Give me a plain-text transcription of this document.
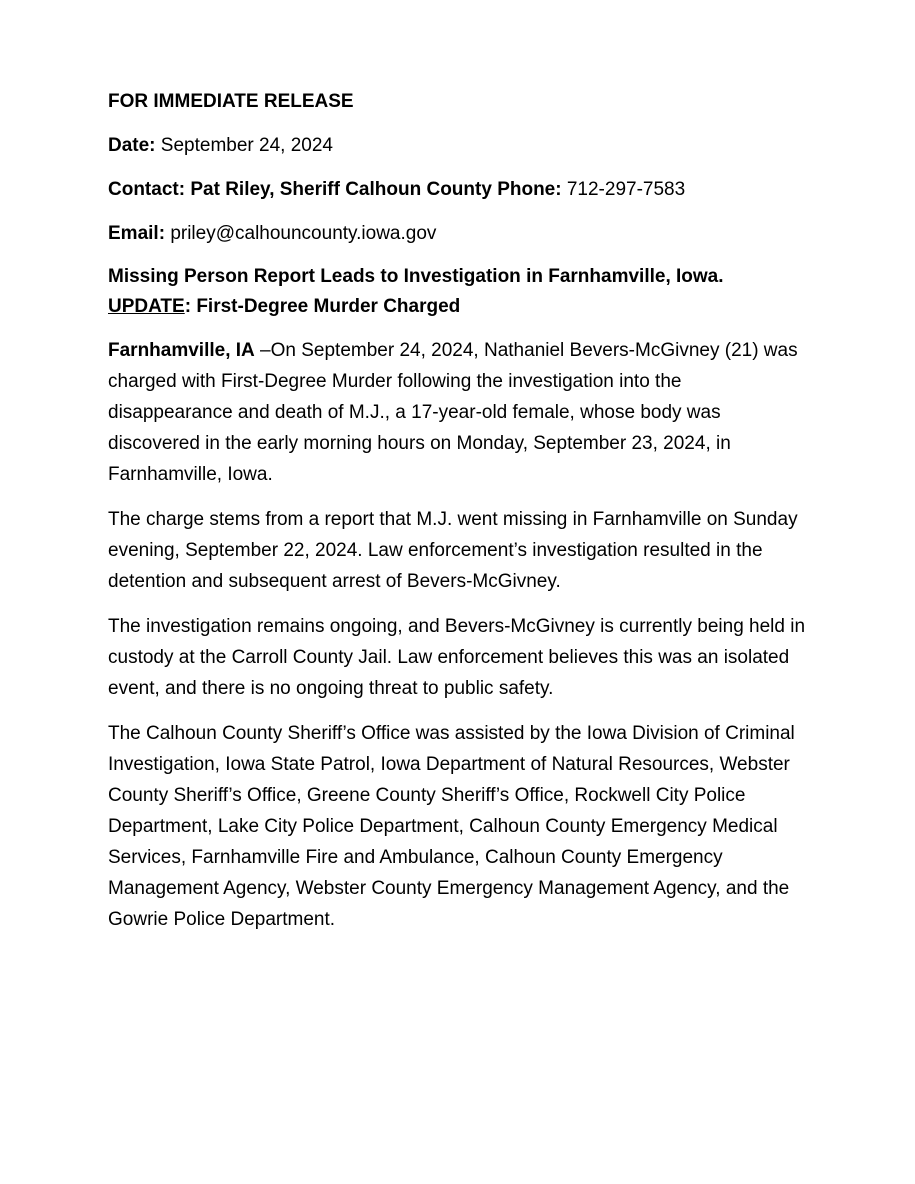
FOR IMMEDIATE RELEASE
Date: September 24, 2024
Contact: Pat Riley, Sheriff Calhoun County Phone: 712-297-7583
Email: priley@calhouncounty.iowa.gov
Missing Person Report Leads to Investigation in Farnhamville, Iowa.
UPDATE: First-Degree Murder Charged

Farnhamville, IA –On September 24, 2024, Nathaniel Bevers-McGivney (21) was charged with First-Degree Murder following the investigation into the disappearance and death of M.J., a 17-year-old female, whose body was discovered in the early morning hours on Monday, September 23, 2024, in Farnhamville, Iowa.

The charge stems from a report that M.J. went missing in Farnhamville on Sunday evening, September 22, 2024. Law enforcement’s investigation resulted in the detention and subsequent arrest of Bevers-McGivney.

The investigation remains ongoing, and Bevers-McGivney is currently being held in custody at the Carroll County Jail. Law enforcement believes this was an isolated event, and there is no ongoing threat to public safety.

The Calhoun County Sheriff’s Office was assisted by the Iowa Division of Criminal Investigation, Iowa State Patrol, Iowa Department of Natural Resources, Webster County Sheriff’s Office, Greene County Sheriff’s Office, Rockwell City Police Department, Lake City Police Department, Calhoun County Emergency Medical Services, Farnhamville Fire and Ambulance, Calhoun County Emergency Management Agency, Webster County Emergency Management Agency, and the Gowrie Police Department.
